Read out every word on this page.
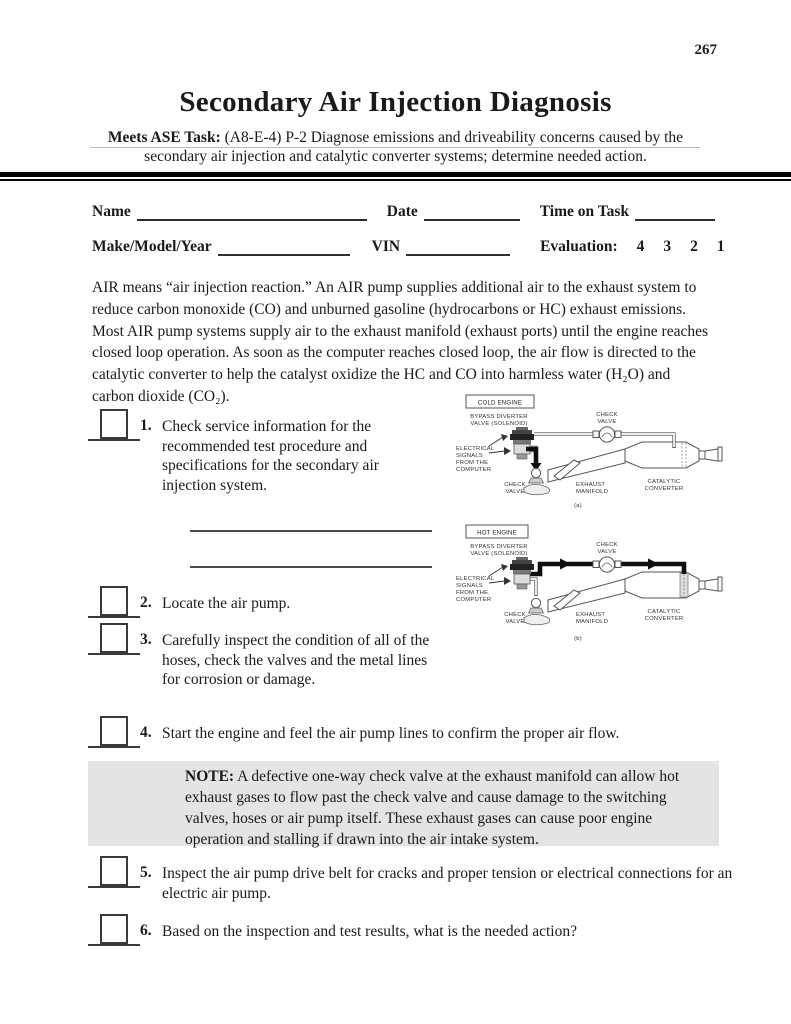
267
Secondary Air Injection Diagnosis
Meets ASE Task: (A8-E-4) P-2 Diagnose emissions and driveability concerns caused by the
secondary air injection and catalytic converter systems; determine needed action.
Name	Date	Time on Task
Make/Model/Year	VIN	Evaluation: 4 3 2 1
AIR means “air injection reaction.” An AIR pump supplies additional air to the exhaust system to reduce carbon monoxide (CO) and unburned gasoline (hydrocarbons or HC) exhaust emissions. Most AIR pump systems supply air to the exhaust manifold (exhaust ports) until the engine reaches closed loop operation. As soon as the computer reaches closed loop, the air flow is directed to the catalytic converter to help the catalyst oxidize the HC and CO into harmless water (H₂O) and carbon dioxide (CO₂).
1. Check service information for the recommended test procedure and specifications for the secondary air injection system.
2. Locate the air pump.
3. Carefully inspect the condition of all of the hoses, check the valves and the metal lines for corrosion or damage.
4. Start the engine and feel the air pump lines to confirm the proper air flow.
NOTE: A defective one-way check valve at the exhaust manifold can allow hot exhaust gases to flow past the check valve and cause damage to the switching valves, hoses or air pump itself. These exhaust gases can cause poor engine operation and stalling if drawn into the air intake system.
5. Inspect the air pump drive belt for cracks and proper tension or electrical connections for an electric air pump.
6. Based on the inspection and test results, what is the needed action?
COLD ENGINE
BYPASS DIVERTER
VALVE (SOLENOID)
CHECK
VALVE
ELECTRICAL
SIGNALS
FROM THE
COMPUTER
CHECK
VALVE
EXHAUST
MANIFOLD
CATALYTIC
CONVERTER
(a)
HOT ENGINE
BYPASS DIVERTER
VALVE (SOLENOID)
CHECK
VALVE
ELECTRICAL
SIGNALS
FROM THE
COMPUTER
CHECK
VALVE
EXHAUST
MANIFOLD
CATALYTIC
CONVERTER
(b)
